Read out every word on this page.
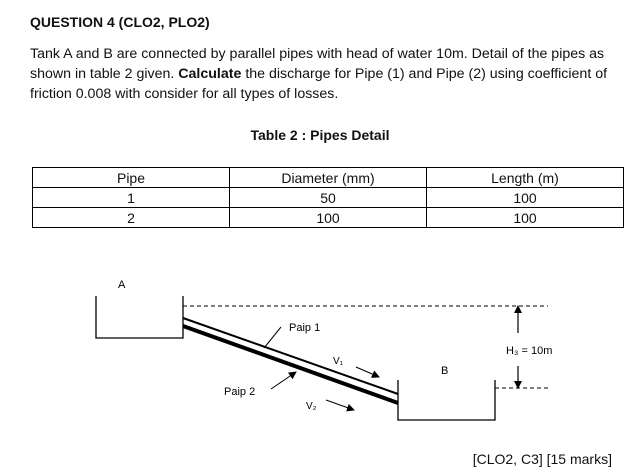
QUESTION 4 (CLO2, PLO2)
Tank A and B are connected by parallel pipes with head of water 10m. Detail of the pipes as shown in table 2 given. Calculate the discharge for Pipe (1) and Pipe (2) using coefficient of friction 0.008 with consider for all types of losses.
Table 2 : Pipes Detail
Pipe	Diameter (mm)	Length (m)
1	50	100
2	100	100
A
B
H₃ = 10m
Paip 1
V₁
Paip 2
V₂
[CLO2, C3] [15 marks]
